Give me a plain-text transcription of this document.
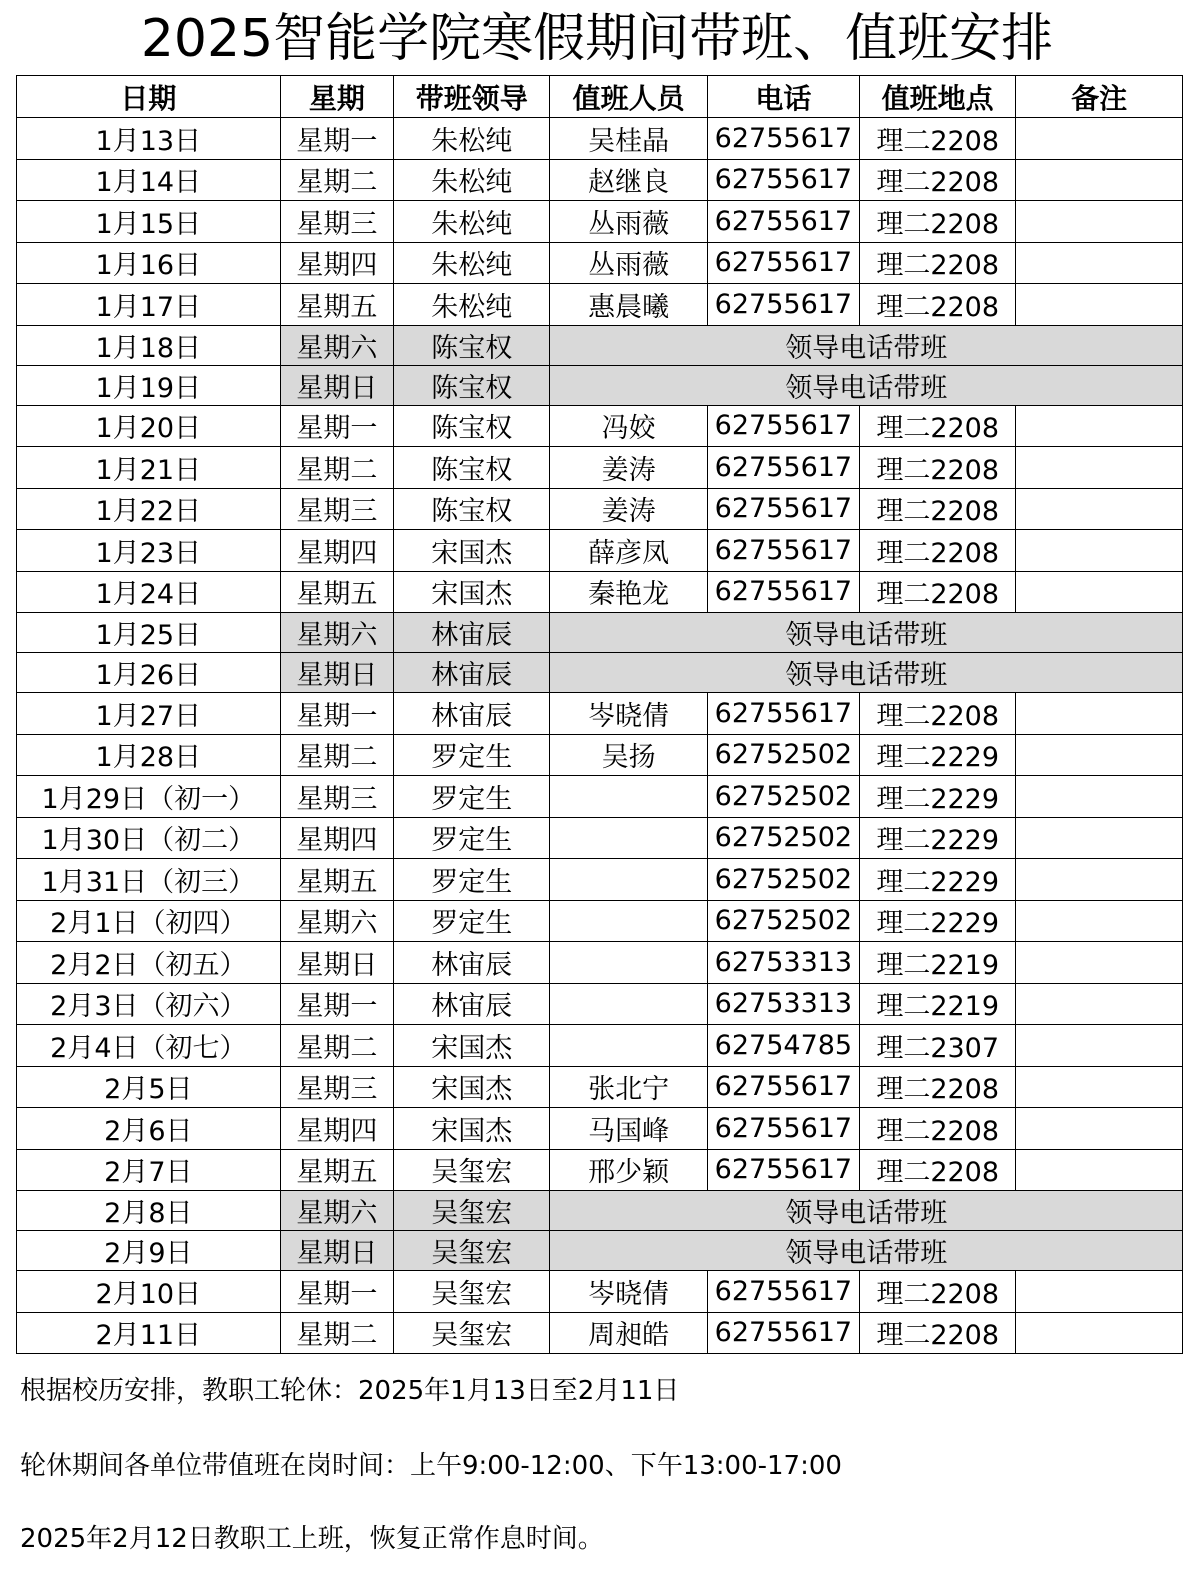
2025智能学院寒假期间带班、值班安排
日期	星期	带班领导	值班人员	电话	值班地点	备注
1月13日	星期一	朱松纯	吴桂晶	62755617	理二2208	
1月14日	星期二	朱松纯	赵继良	62755617	理二2208	
1月15日	星期三	朱松纯	丛雨薇	62755617	理二2208	
1月16日	星期四	朱松纯	丛雨薇	62755617	理二2208	
1月17日	星期五	朱松纯	惠晨曦	62755617	理二2208	
1月18日	星期六	陈宝权	领导电话带班			
1月19日	星期日	陈宝权	领导电话带班			
1月20日	星期一	陈宝权	冯姣	62755617	理二2208	
1月21日	星期二	陈宝权	姜涛	62755617	理二2208	
1月22日	星期三	陈宝权	姜涛	62755617	理二2208	
1月23日	星期四	宋国杰	薛彦凤	62755617	理二2208	
1月24日	星期五	宋国杰	秦艳龙	62755617	理二2208	
1月25日	星期六	林宙辰	领导电话带班			
1月26日	星期日	林宙辰	领导电话带班			
1月27日	星期一	林宙辰	岑晓倩	62755617	理二2208	
1月28日	星期二	罗定生	吴扬	62752502	理二2229	
1月29日（初一）	星期三	罗定生		62752502	理二2229	
1月30日（初二）	星期四	罗定生		62752502	理二2229	
1月31日（初三）	星期五	罗定生		62752502	理二2229	
2月1日（初四）	星期六	罗定生		62752502	理二2229	
2月2日（初五）	星期日	林宙辰		62753313	理二2219	
2月3日（初六）	星期一	林宙辰		62753313	理二2219	
2月4日（初七）	星期二	宋国杰		62754785	理二2307	
2月5日	星期三	宋国杰	张北宁	62755617	理二2208	
2月6日	星期四	宋国杰	马国峰	62755617	理二2208	
2月7日	星期五	吴玺宏	邢少颖	62755617	理二2208	
2月8日	星期六	吴玺宏	领导电话带班			
2月9日	星期日	吴玺宏	领导电话带班			
2月10日	星期一	吴玺宏	岑晓倩	62755617	理二2208	
2月11日	星期二	吴玺宏	周昶皓	62755617	理二2208	
根据校历安排，教职工轮休：2025年1月13日至2月11日
轮休期间各单位带值班在岗时间：上午9:00-12:00、下午13:00-17:00
2025年2月12日教职工上班，恢复正常作息时间。
